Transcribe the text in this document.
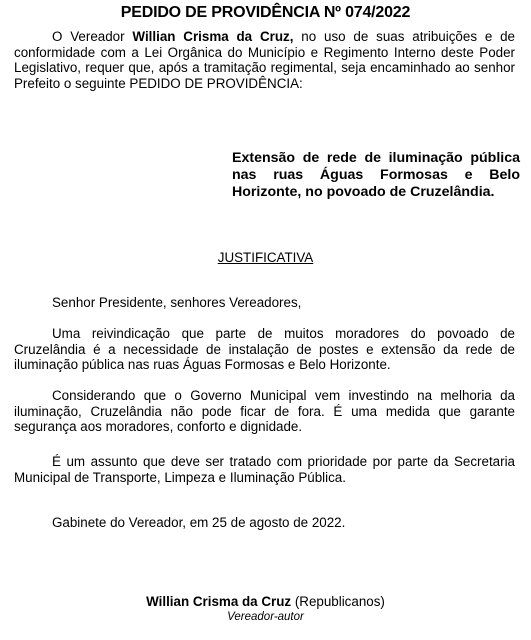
PEDIDO DE PROVIDÊNCIA Nº 074/2022
O Vereador Willian Crisma da Cruz, no uso de suas atribuições e de conformidade com a Lei Orgânica do Município e Regimento Interno deste Poder Legislativo, requer que, após a tramitação regimental, seja encaminhado ao senhor Prefeito o seguinte PEDIDO DE PROVIDÊNCIA:
Extensão de rede de iluminação pública nas ruas Águas Formosas e Belo Horizonte, no povoado de Cruzelândia.
JUSTIFICATIVA
Senhor Presidente, senhores Vereadores,
Uma reivindicação que parte de muitos moradores do povoado de Cruzelândia é a necessidade de instalação de postes e extensão da rede de iluminação pública nas ruas Águas Formosas e Belo Horizonte.
Considerando que o Governo Municipal vem investindo na melhoria da iluminação, Cruzelândia não pode ficar de fora. É uma medida que garante segurança aos moradores, conforto e dignidade.
É um assunto que deve ser tratado com prioridade por parte da Secretaria Municipal de Transporte, Limpeza e Iluminação Pública.
Gabinete do Vereador, em 25 de agosto de 2022.
Willian Crisma da Cruz (Republicanos)
Vereador-autor
